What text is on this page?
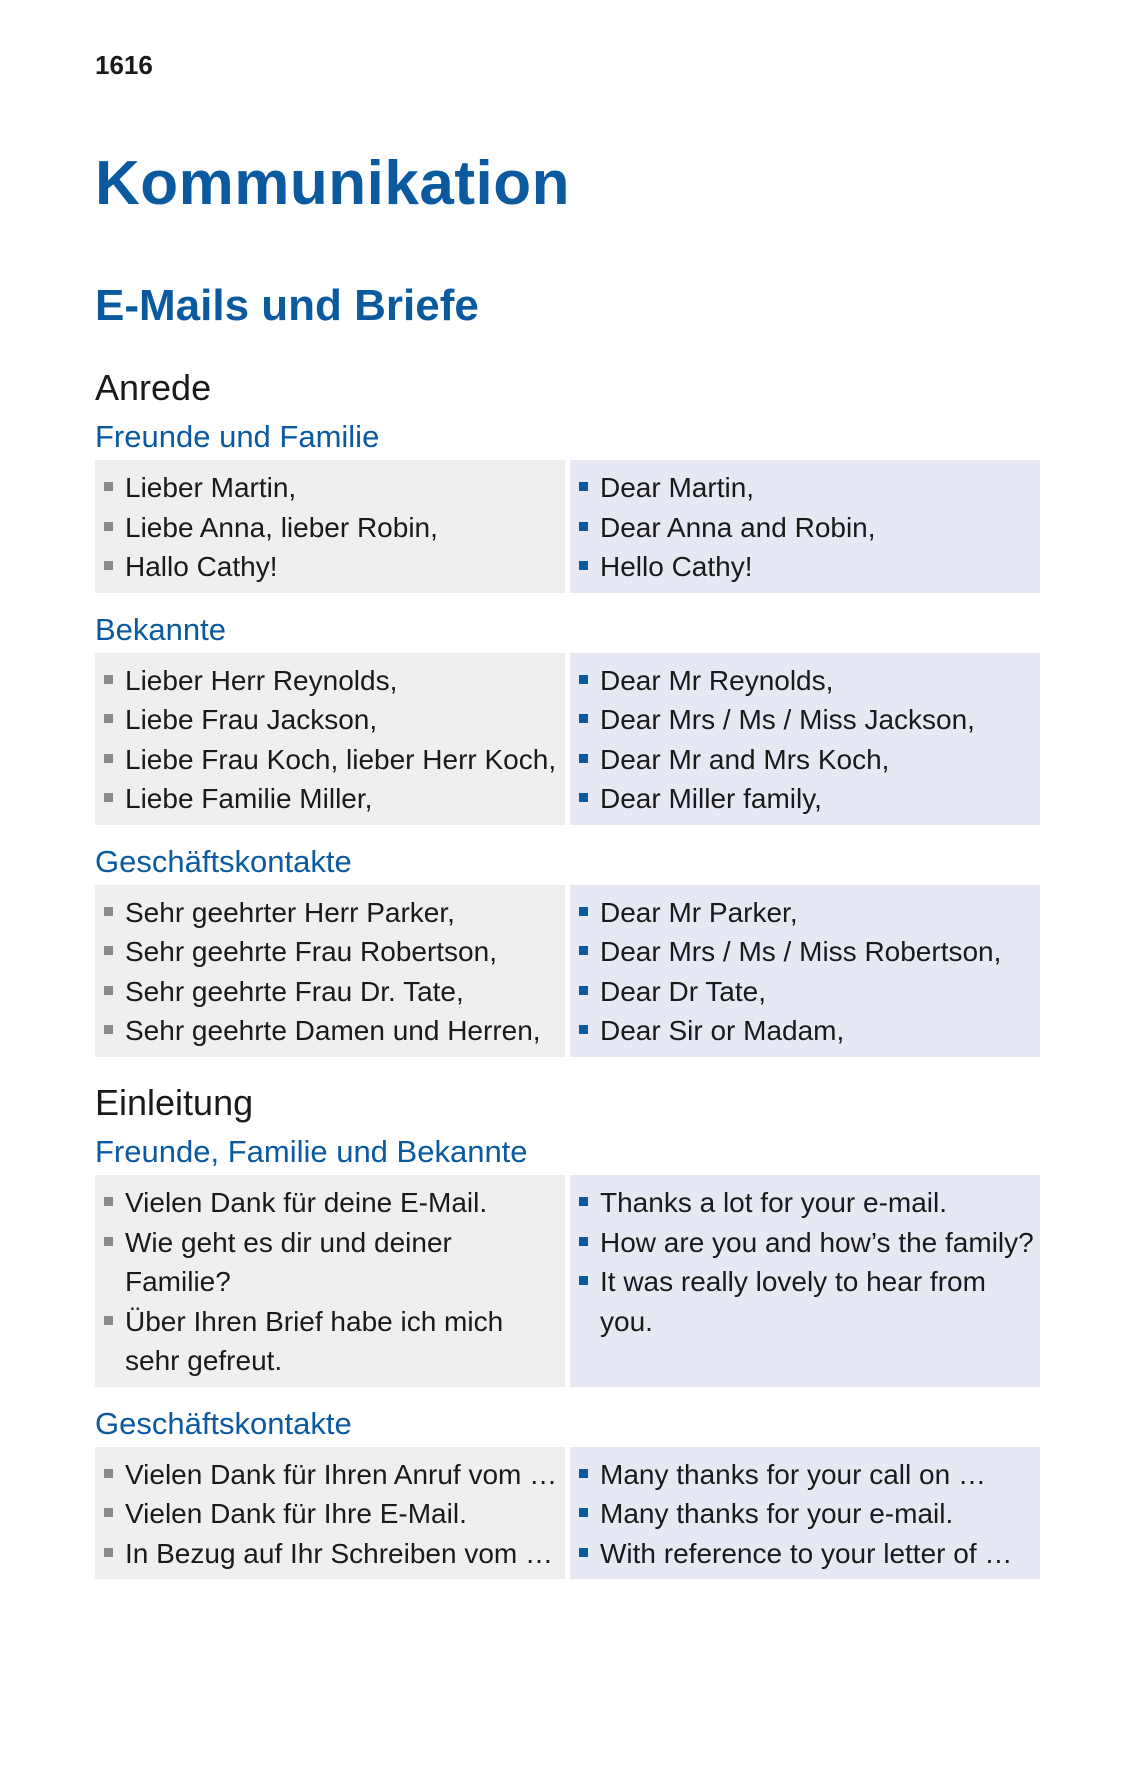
1616
Kommunikation
E-Mails und Briefe
Anrede
Freunde und Familie
Lieber Martin,
Liebe Anna, lieber Robin,
Hallo Cathy!
Dear Martin,
Dear Anna and Robin,
Hello Cathy!
Bekannte
Lieber Herr Reynolds,
Liebe Frau Jackson,
Liebe Frau Koch, lieber Herr Koch,
Liebe Familie Miller,
Dear Mr Reynolds,
Dear Mrs / Ms / Miss Jackson,
Dear Mr and Mrs Koch,
Dear Miller family,
Geschäftskontakte
Sehr geehrter Herr Parker,
Sehr geehrte Frau Robertson,
Sehr geehrte Frau Dr. Tate,
Sehr geehrte Damen und Herren,
Dear Mr Parker,
Dear Mrs / Ms / Miss Robertson,
Dear Dr Tate,
Dear Sir or Madam,
Einleitung
Freunde, Familie und Bekannte
Vielen Dank für deine E-Mail.
Wie geht es dir und deiner Familie?
Über Ihren Brief habe ich mich sehr gefreut.
Thanks a lot for your e-mail.
How are you and how’s the family?
It was really lovely to hear from you.
Geschäftskontakte
Vielen Dank für Ihren Anruf vom …
Vielen Dank für Ihre E-Mail.
In Bezug auf Ihr Schreiben vom …
Many thanks for your call on …
Many thanks for your e-mail.
With reference to your letter of …
